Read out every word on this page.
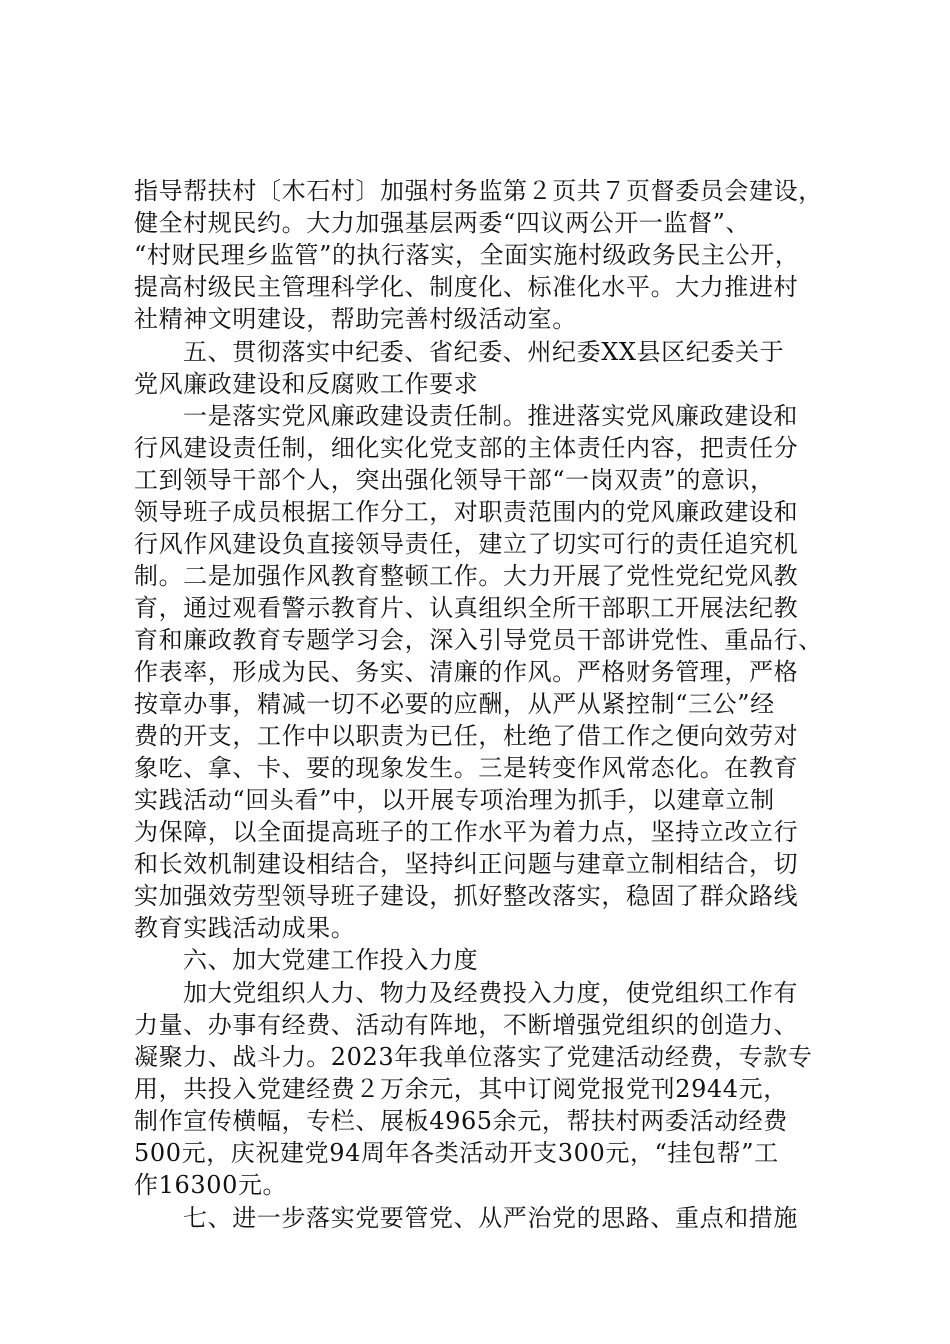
指导帮扶村〔木石村〕加强村务监第２页共７页督委员会建设，
健全村规民约。大力加强基层两委“四议两公开一监督”、
“村财民理乡监管”的执行落实，全面实施村级政务民主公开，
提高村级民主管理科学化、制度化、标准化水平。大力推进村
社精神文明建设，帮助完善村级活动室。
五、贯彻落实中纪委、省纪委、州纪委XX县区纪委关于
党风廉政建设和反腐败工作要求
一是落实党风廉政建设责任制。推进落实党风廉政建设和
行风建设责任制，细化实化党支部的主体责任内容，把责任分
工到领导干部个人，突出强化领导干部“一岗双责”的意识，
领导班子成员根据工作分工，对职责范围内的党风廉政建设和
行风作风建设负直接领导责任，建立了切实可行的责任追究机
制。二是加强作风教育整顿工作。大力开展了党性党纪党风教
育，通过观看警示教育片、认真组织全所干部职工开展法纪教
育和廉政教育专题学习会，深入引导党员干部讲党性、重品行、
作表率，形成为民、务实、清廉的作风。严格财务管理，严格
按章办事，精减一切不必要的应酬，从严从紧控制“三公”经
费的开支，工作中以职责为已任，杜绝了借工作之便向效劳对
象吃、拿、卡、要的现象发生。三是转变作风常态化。在教育
实践活动“回头看”中，以开展专项治理为抓手，以建章立制
为保障，以全面提高班子的工作水平为着力点，坚持立改立行
和长效机制建设相结合，坚持纠正问题与建章立制相结合，切
实加强效劳型领导班子建设，抓好整改落实，稳固了群众路线
教育实践活动成果。
六、加大党建工作投入力度
加大党组织人力、物力及经费投入力度，使党组织工作有
力量、办事有经费、活动有阵地，不断增强党组织的创造力、
凝聚力、战斗力。2023年我单位落实了党建活动经费，专款专
用，共投入党建经费２万余元，其中订阅党报党刊2944元，
制作宣传横幅，专栏、展板4965余元，帮扶村两委活动经费
500元，庆祝建党94周年各类活动开支300元，“挂包帮”工
作16300元。
七、进一步落实党要管党、从严治党的思路、重点和措施
